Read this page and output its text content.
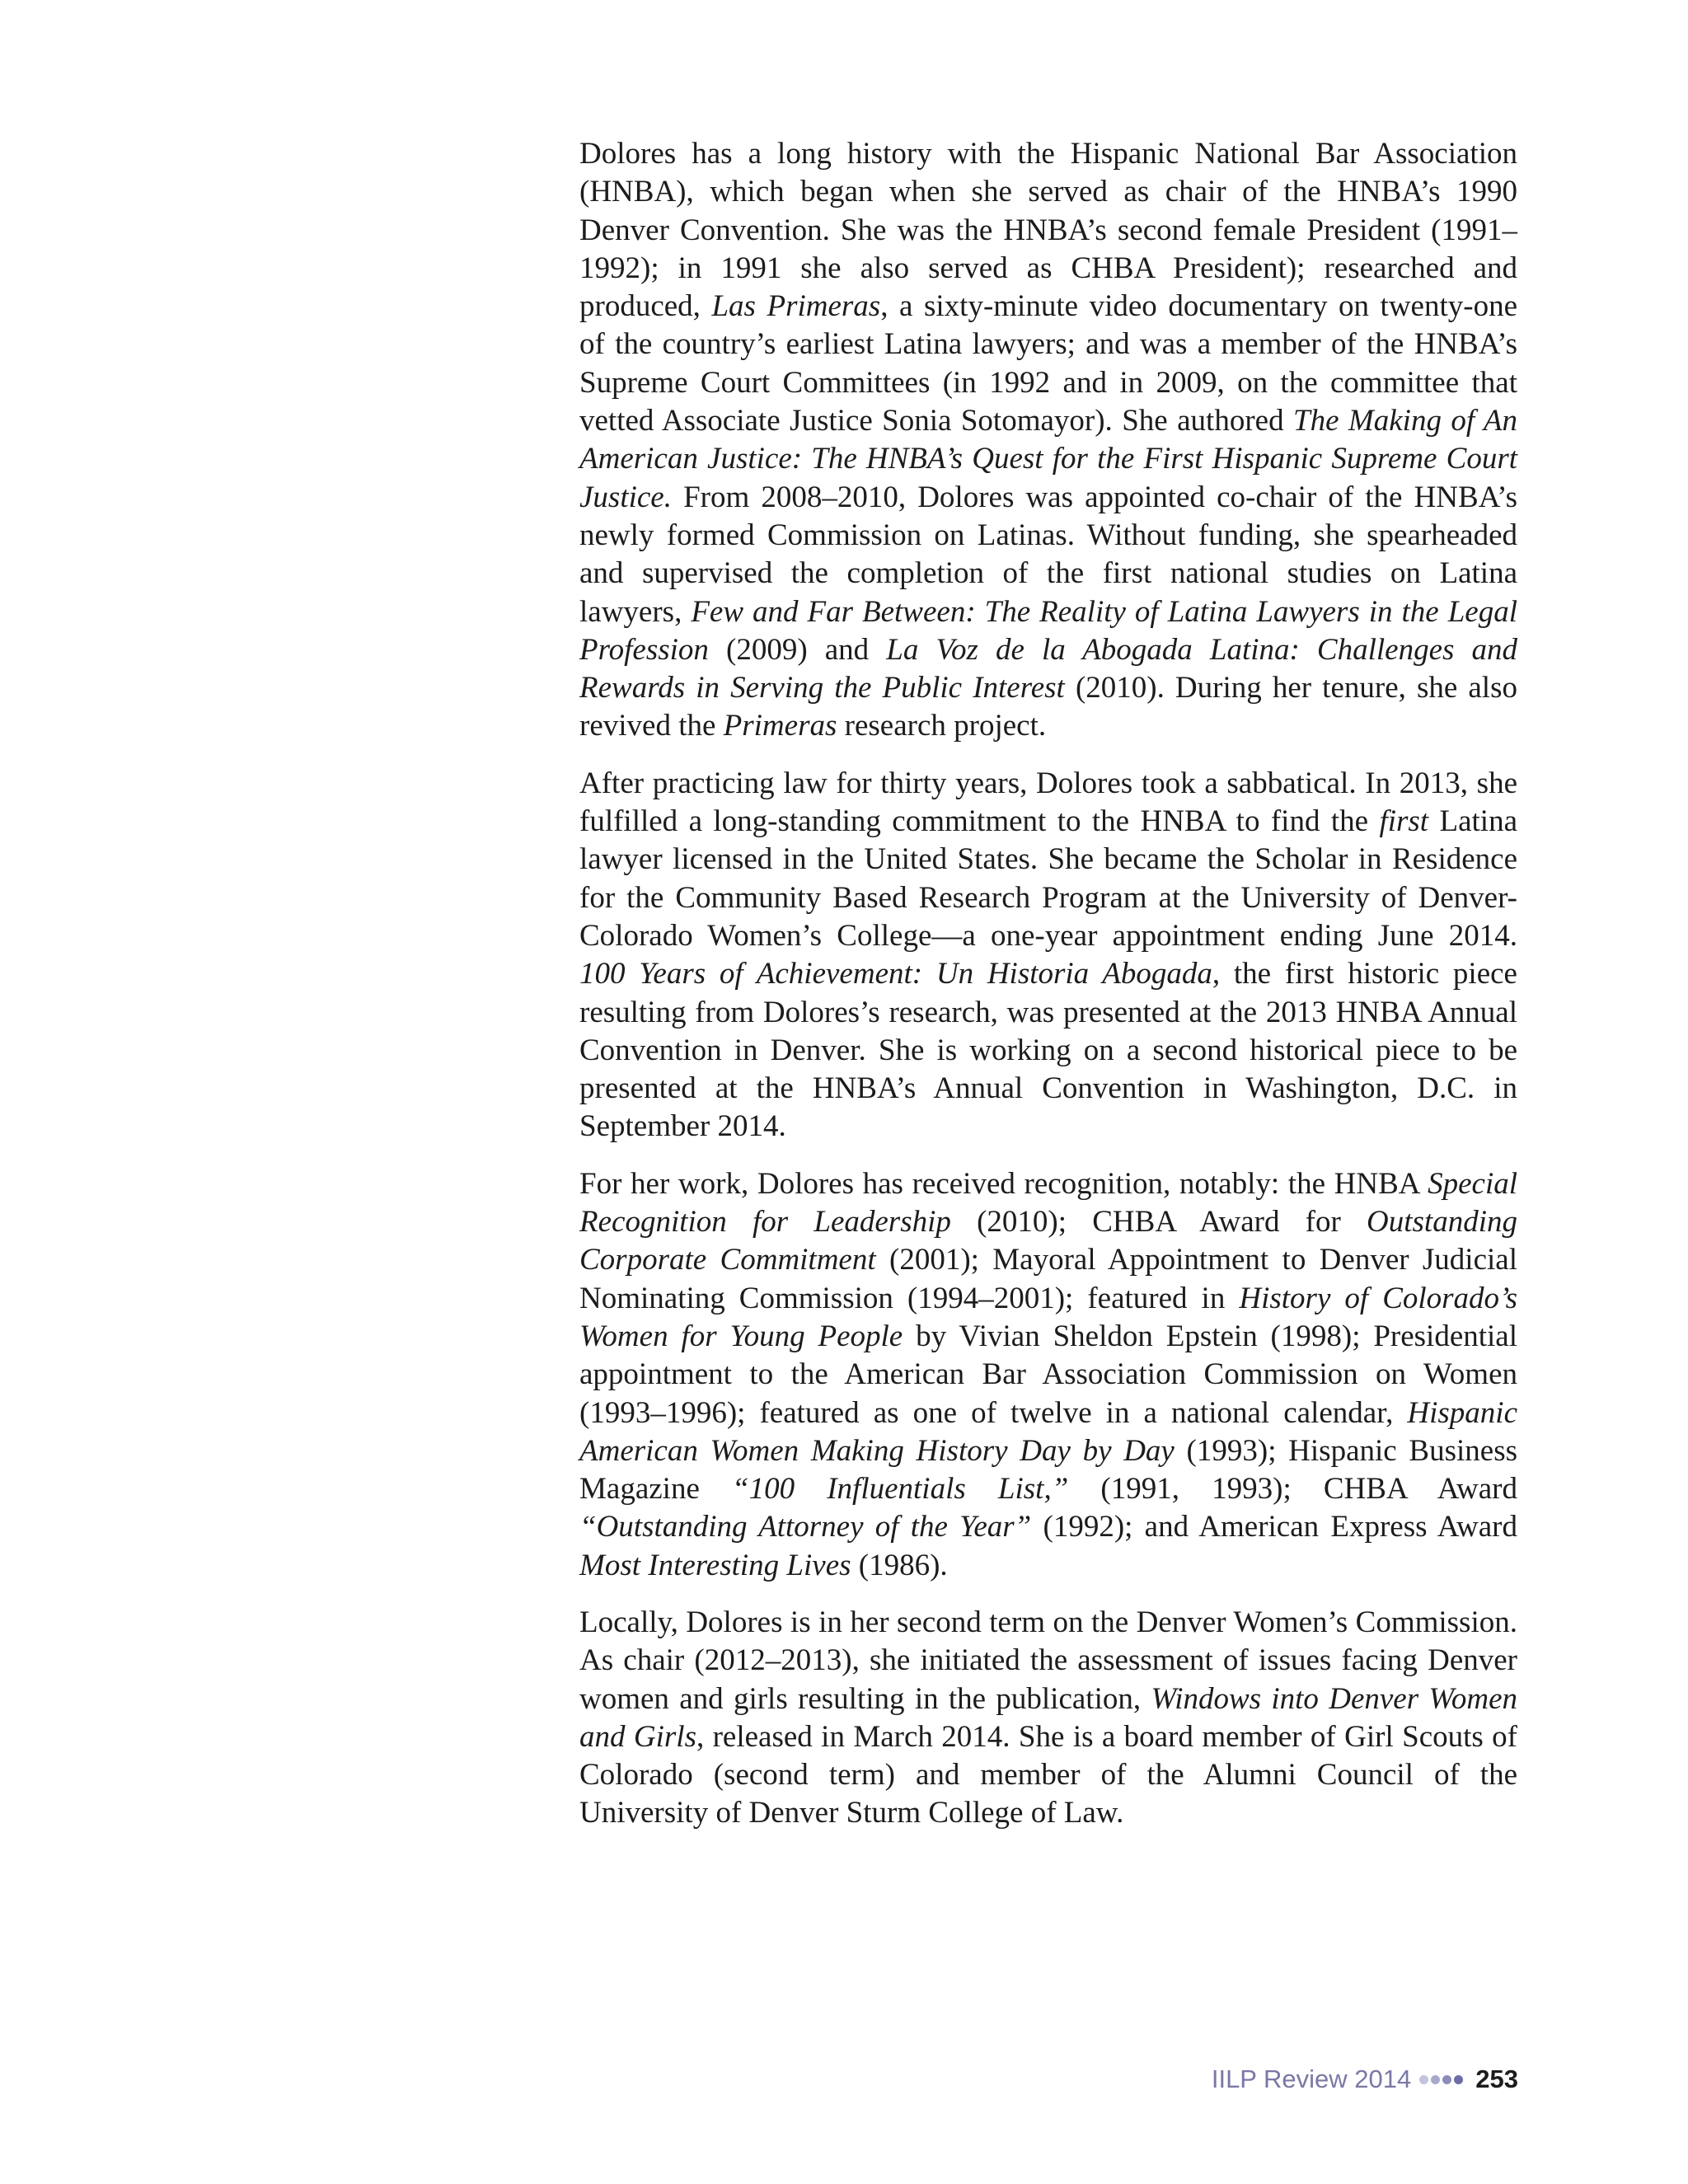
Dolores has a long history with the Hispanic National Bar Association (HNBA), which began when she served as chair of the HNBA’s 1990 Denver Convention. She was the HNBA’s second female President (1991–1992); in 1991 she also served as CHBA President); researched and produced, Las Primeras, a sixty-minute video documentary on twenty-one of the country’s earliest Latina lawyers; and was a member of the HNBA’s Supreme Court Committees (in 1992 and in 2009, on the committee that vetted Associate Justice Sonia Sotomayor). She authored The Making of An American Justice: The HNBA’s Quest for the First Hispanic Supreme Court Justice. From 2008–2010, Dolores was appointed co-chair of the HNBA’s newly formed Commission on Latinas. Without funding, she spearheaded and supervised the completion of the first national studies on Latina lawyers, Few and Far Between: The Reality of Latina Lawyers in the Legal Profession (2009) and La Voz de la Abogada Latina: Challenges and Rewards in Serving the Public Interest (2010). During her tenure, she also revived the Primeras research project.

After practicing law for thirty years, Dolores took a sabbatical. In 2013, she fulfilled a long-standing commitment to the HNBA to find the first Latina lawyer licensed in the United States. She became the Scholar in Residence for the Community Based Research Program at the University of Denver-Colorado Women’s College—a one-year appointment ending June 2014. 100 Years of Achievement: Un Historia Abogada, the first historic piece resulting from Dolores’s research, was presented at the 2013 HNBA Annual Convention in Denver. She is working on a second historical piece to be presented at the HNBA’s Annual Convention in Washington, D.C. in September 2014.

For her work, Dolores has received recognition, notably: the HNBA Special Recognition for Leadership (2010); CHBA Award for Outstanding Corporate Commitment (2001); Mayoral Appointment to Denver Judicial Nominating Commission (1994–2001); featured in History of Colorado’s Women for Young People by Vivian Sheldon Epstein (1998); Presidential appointment to the American Bar Association Commission on Women (1993–1996); featured as one of twelve in a national calendar, Hispanic American Women Making History Day by Day (1993); Hispanic Business Magazine “100 Influentials List,” (1991, 1993); CHBA Award “Outstanding Attorney of the Year” (1992); and American Express Award Most Interesting Lives (1986).

Locally, Dolores is in her second term on the Denver Women’s Commission. As chair (2012–2013), she initiated the assessment of issues facing Denver women and girls resulting in the publication, Windows into Denver Women and Girls, released in March 2014. She is a board member of Girl Scouts of Colorado (second term) and member of the Alumni Council of the University of Denver Sturm College of Law.

IILP Review 2014	253
